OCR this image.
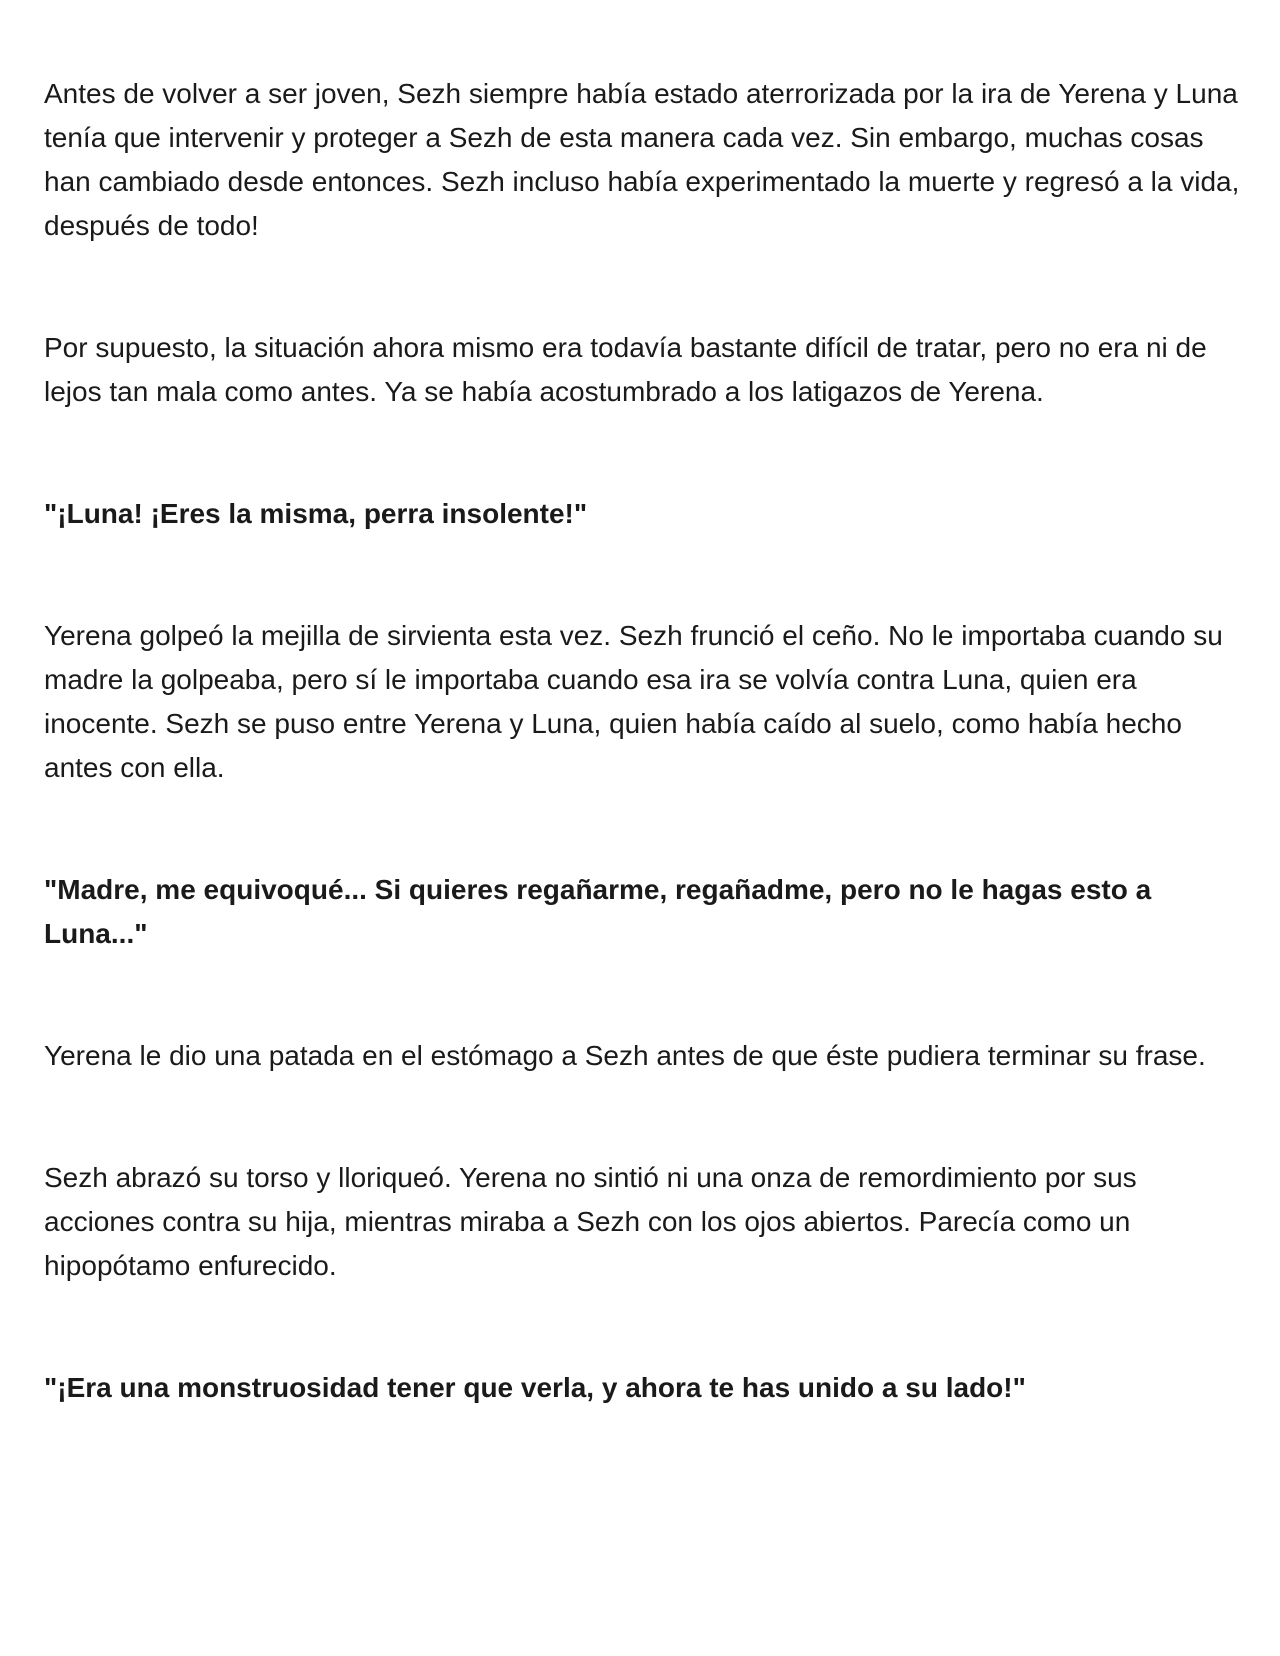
Antes de volver a ser joven, Sezh siempre había estado aterrorizada por la ira de Yerena y Luna tenía que intervenir y proteger a Sezh de esta manera cada vez. Sin embargo, muchas cosas han cambiado desde entonces. Sezh incluso había experimentado la muerte y regresó a la vida, después de todo!

Por supuesto, la situación ahora mismo era todavía bastante difícil de tratar, pero no era ni de lejos tan mala como antes. Ya se había acostumbrado a los latigazos de Yerena.

"¡Luna! ¡Eres la misma, perra insolente!"

Yerena golpeó la mejilla de sirvienta esta vez. Sezh frunció el ceño. No le importaba cuando su madre la golpeaba, pero sí le importaba cuando esa ira se volvía contra Luna, quien era inocente. Sezh se puso entre Yerena y Luna, quien había caído al suelo, como había hecho antes con ella.

"Madre, me equivoqué... Si quieres regañarme, regañadme, pero no le hagas esto a Luna..."

Yerena le dio una patada en el estómago a Sezh antes de que éste pudiera terminar su frase.

Sezh abrazó su torso y lloriqueó. Yerena no sintió ni una onza de remordimiento por sus acciones contra su hija, mientras miraba a Sezh con los ojos abiertos. Parecía como un hipopótamo enfurecido.

"¡Era una monstruosidad tener que verla, y ahora te has unido a su lado!"
